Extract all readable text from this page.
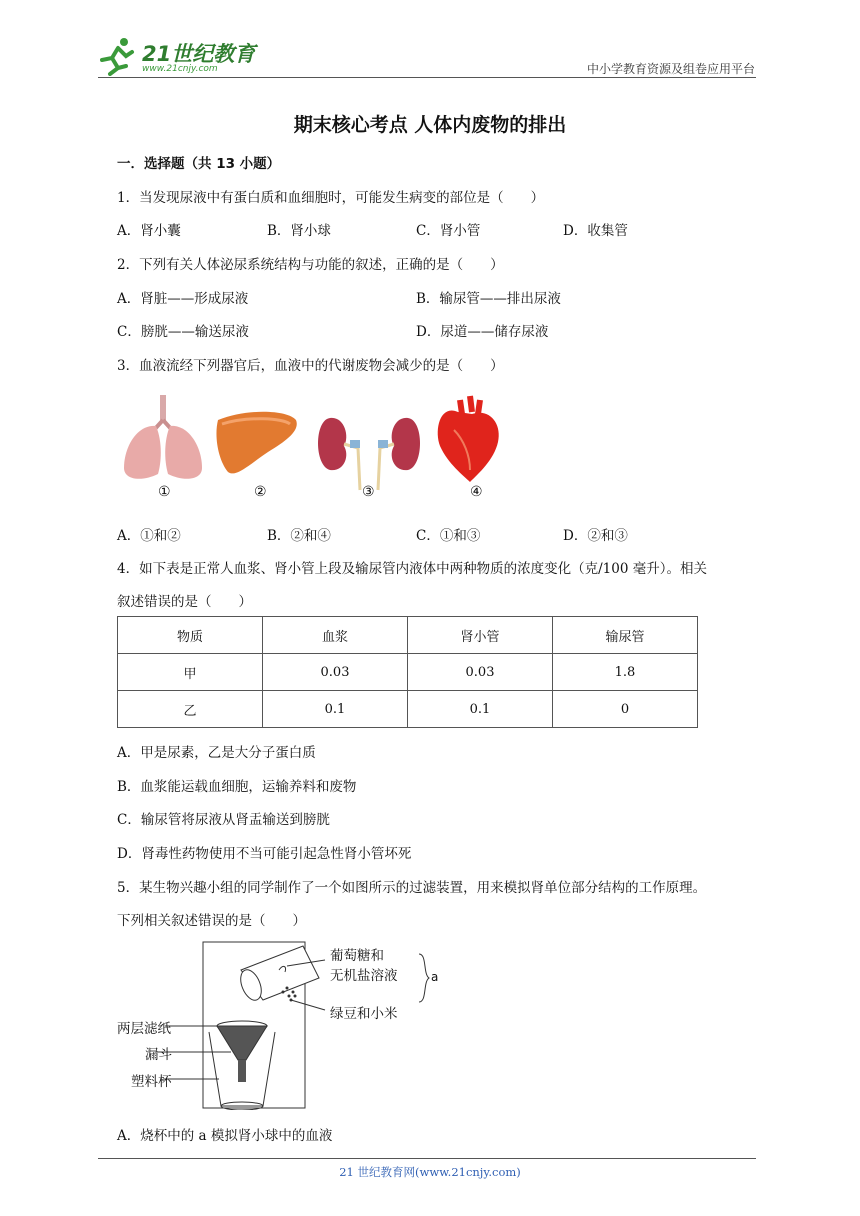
21世纪教育
www.21cnjy.com	中小学教育资源及组卷应用平台
期末核心考点 人体内废物的排出
一．选择题（共 13 小题）
1．当发现尿液中有蛋白质和血细胞时，可能发生病变的部位是（　　）
A．肾小囊	B．肾小球	C．肾小管	D．收集管
2．下列有关人体泌尿系统结构与功能的叙述，正确的是（　　）
A．肾脏——形成尿液	B．输尿管——排出尿液
C．膀胱——输送尿液	D．尿道——储存尿液
3．血液流经下列器官后，血液中的代谢废物会减少的是（　　）
①	②	③	④
A．①和②	B．②和④	C．①和③	D．②和③
4．如下表是正常人血浆、肾小管上段及输尿管内液体中两种物质的浓度变化（克/100 毫升）。相关
叙述错误的是（　　）
物质	血浆	肾小管	输尿管
甲	0.03	0.03	1.8
乙	0.1	0.1	0
A．甲是尿素，乙是大分子蛋白质
B．血浆能运载血细胞，运输养料和废物
C．输尿管将尿液从肾盂输送到膀胱
D．肾毒性药物使用不当可能引起急性肾小管坏死
5．某生物兴趣小组的同学制作了一个如图所示的过滤装置，用来模拟肾单位部分结构的工作原理。
下列相关叙述错误的是（　　）
葡萄糖和
无机盐溶液	a
绿豆和小米
两层滤纸
漏斗
塑料杯
A．烧杯中的 a 模拟肾小球中的血液
21 世纪教育网(www.21cnjy.com)
